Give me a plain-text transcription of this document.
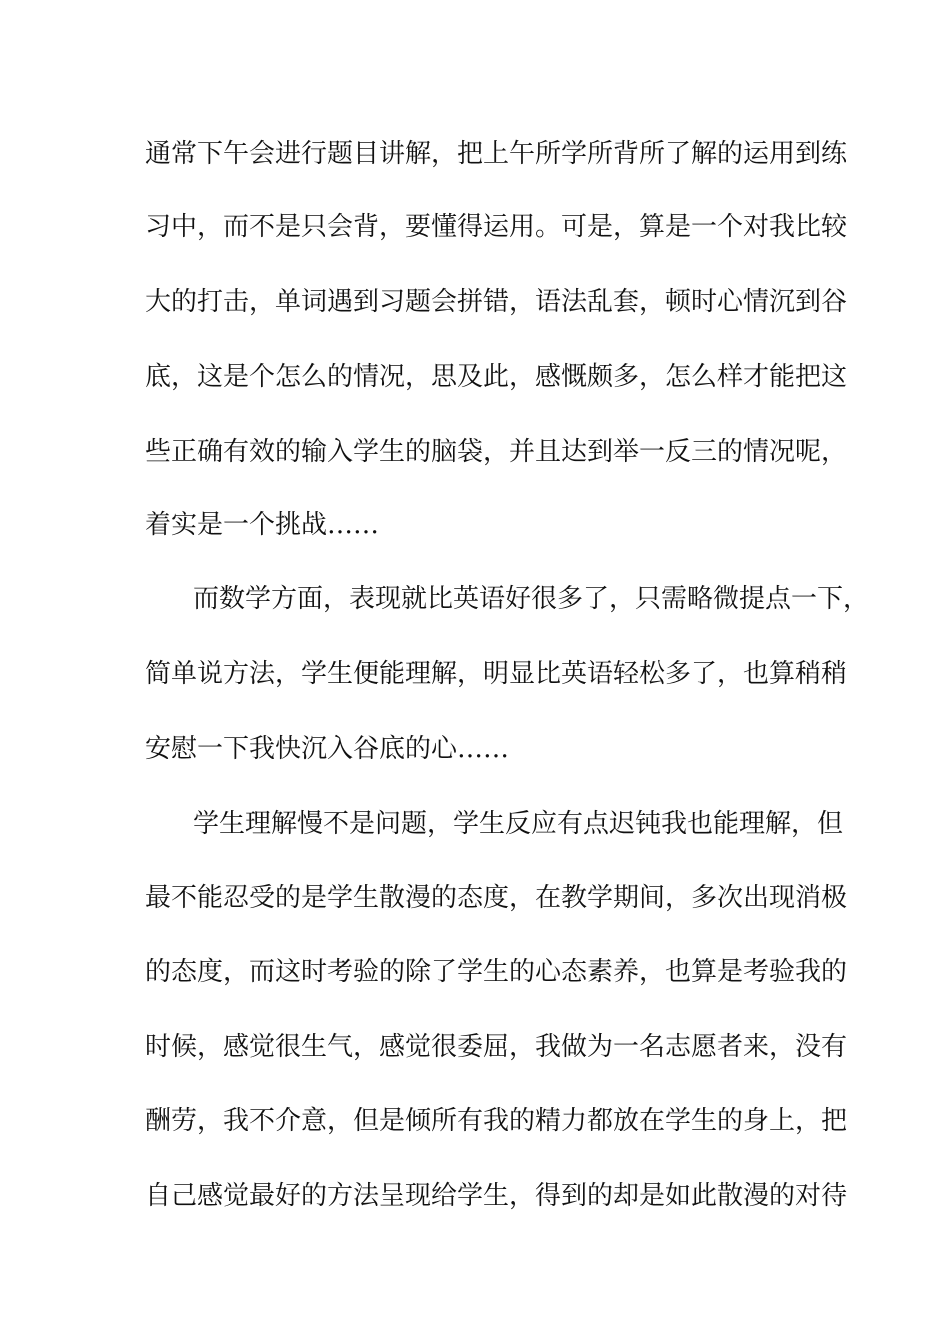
通常下午会进行题目讲解，把上午所学所背所了解的运用到练
习中，而不是只会背，要懂得运用。可是，算是一个对我比较
大的打击，单词遇到习题会拼错，语法乱套，顿时心情沉到谷
底，这是个怎么的情况，思及此，感慨颇多，怎么样才能把这
些正确有效的输入学生的脑袋，并且达到举一反三的情况呢，
着实是一个挑战……
而数学方面，表现就比英语好很多了，只需略微提点一下，
简单说方法，学生便能理解，明显比英语轻松多了，也算稍稍
安慰一下我快沉入谷底的心……
学生理解慢不是问题，学生反应有点迟钝我也能理解，但
最不能忍受的是学生散漫的态度，在教学期间，多次出现消极
的态度，而这时考验的除了学生的心态素养，也算是考验我的
时候，感觉很生气，感觉很委屈，我做为一名志愿者来，没有
酬劳，我不介意，但是倾所有我的精力都放在学生的身上，把
自己感觉最好的方法呈现给学生，得到的却是如此散漫的对待
